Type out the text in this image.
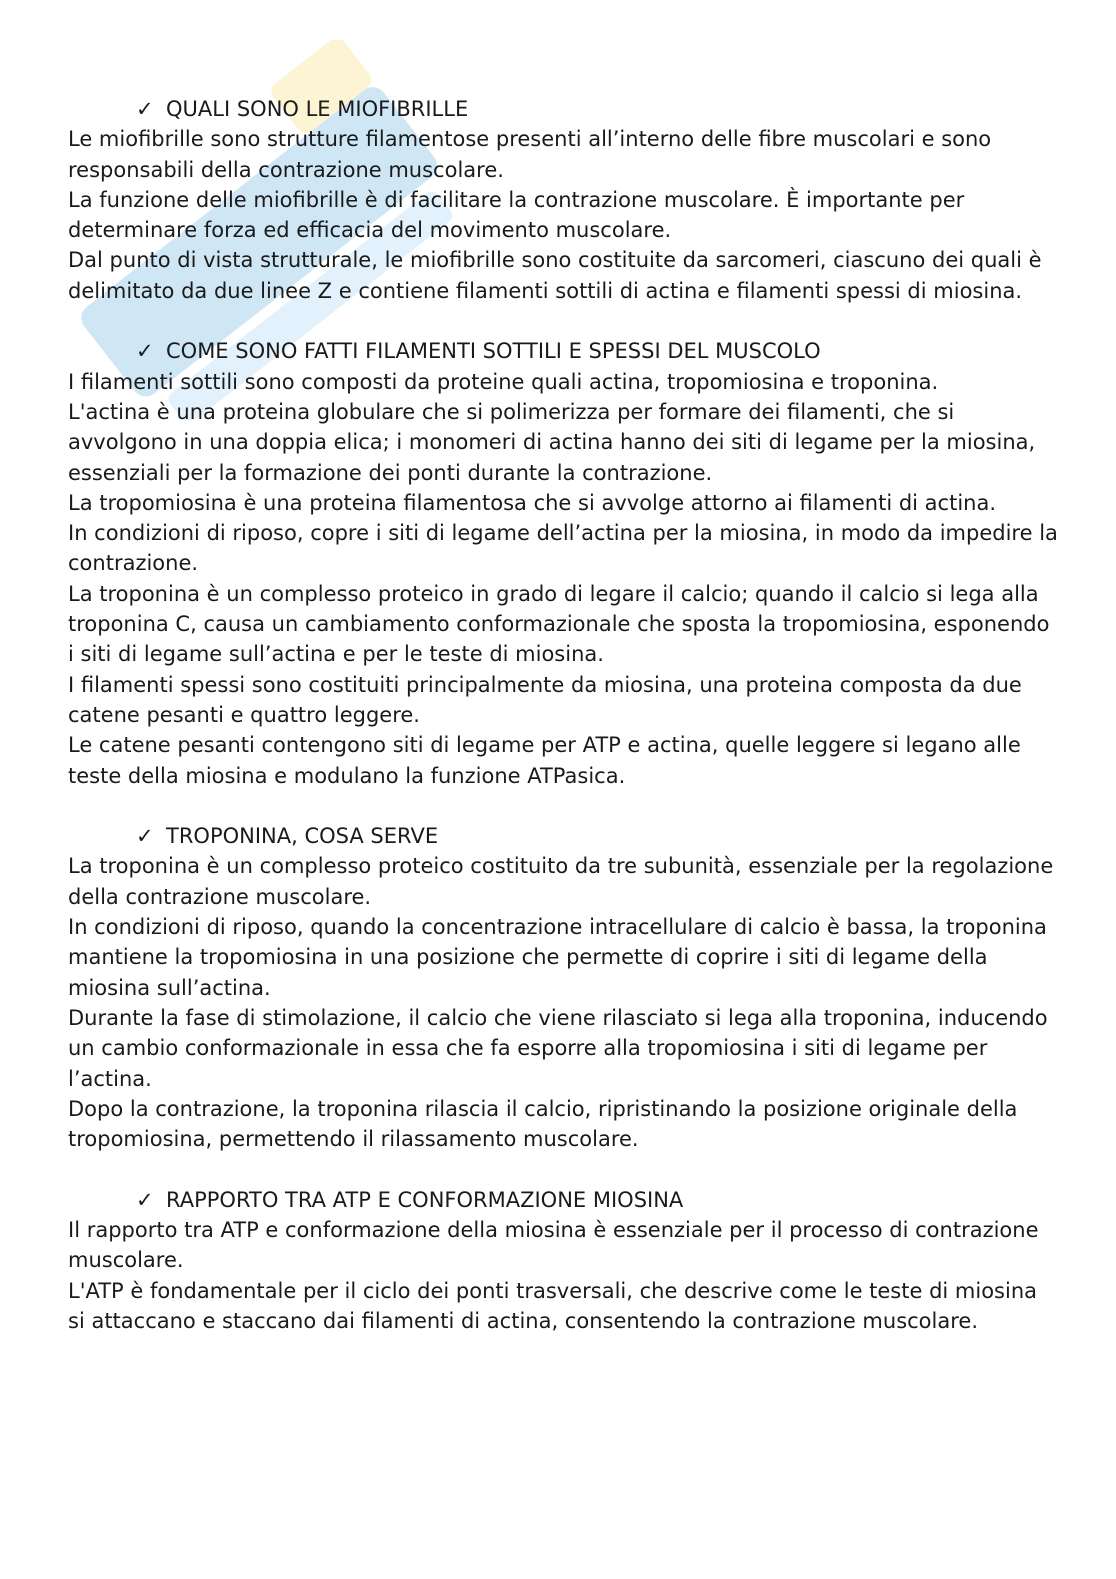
✓ QUALI SONO LE MIOFIBRILLE

Le miofibrille sono strutture filamentose presenti all’interno delle fibre muscolari e sono responsabili della contrazione muscolare.

La funzione delle miofibrille è di facilitare la contrazione muscolare. È importante per determinare forza ed efficacia del movimento muscolare.

Dal punto di vista strutturale, le miofibrille sono costituite da sarcomeri, ciascuno dei quali è delimitato da due linee Z e contiene filamenti sottili di actina e filamenti spessi di miosina.

✓ COME SONO FATTI FILAMENTI SOTTILI E SPESSI DEL MUSCOLO

I filamenti sottili sono composti da proteine quali actina, tropomiosina e troponina.

L'actina è una proteina globulare che si polimerizza per formare dei filamenti, che si avvolgono in una doppia elica; i monomeri di actina hanno dei siti di legame per la miosina, essenziali per la formazione dei ponti durante la contrazione.

La tropomiosina è una proteina filamentosa che si avvolge attorno ai filamenti di actina.

In condizioni di riposo, copre i siti di legame dell’actina per la miosina, in modo da impedire la contrazione.

La troponina è un complesso proteico in grado di legare il calcio; quando il calcio si lega alla troponina C, causa un cambiamento conformazionale che sposta la tropomiosina, esponendo i siti di legame sull’actina e per le teste di miosina.

I filamenti spessi sono costituiti principalmente da miosina, una proteina composta da due catene pesanti e quattro leggere.

Le catene pesanti contengono siti di legame per ATP e actina, quelle leggere si legano alle teste della miosina e modulano la funzione ATPasica.

✓ TROPONINA, COSA SERVE

La troponina è un complesso proteico costituito da tre subunità, essenziale per la regolazione della contrazione muscolare.

In condizioni di riposo, quando la concentrazione intracellulare di calcio è bassa, la troponina mantiene la tropomiosina in una posizione che permette di coprire i siti di legame della miosina sull’actina.

Durante la fase di stimolazione, il calcio che viene rilasciato si lega alla troponina, inducendo un cambio conformazionale in essa che fa esporre alla tropomiosina i siti di legame per l’actina.

Dopo la contrazione, la troponina rilascia il calcio, ripristinando la posizione originale della tropomiosina, permettendo il rilassamento muscolare.

✓ RAPPORTO TRA ATP E CONFORMAZIONE MIOSINA

Il rapporto tra ATP e conformazione della miosina è essenziale per il processo di contrazione muscolare.

L'ATP è fondamentale per il ciclo dei ponti trasversali, che descrive come le teste di miosina si attaccano e staccano dai filamenti di actina, consentendo la contrazione muscolare.
